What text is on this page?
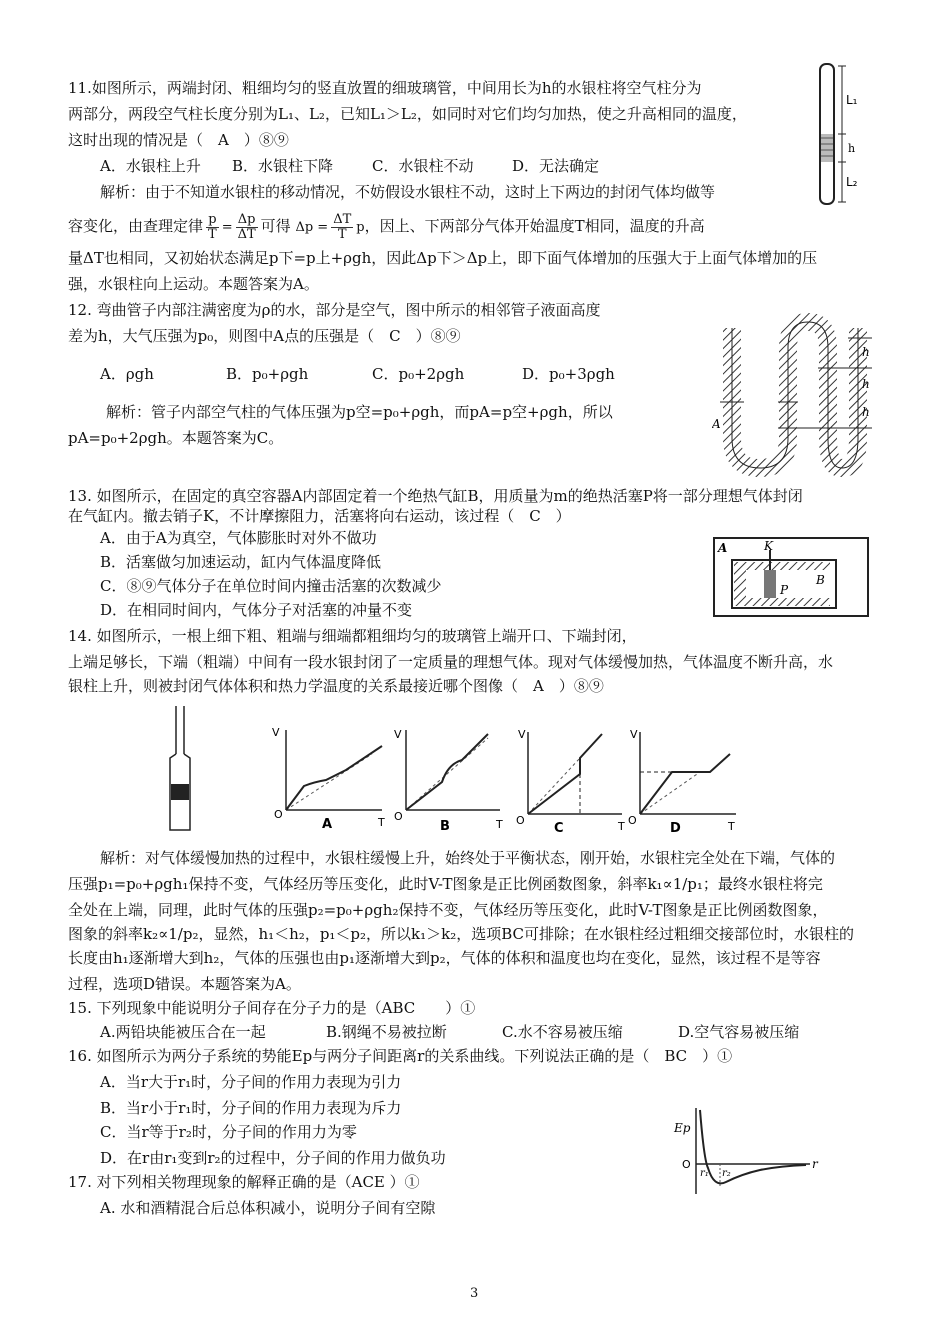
11.如图所示，两端封闭、粗细均匀的竖直放置的细玻璃管，中间用长为h的水银柱将空气柱分为
两部分，两段空气柱长度分别为L₁、L₂，已知L₁＞L₂，如同时对它们均匀加热，使之升高相同的温度，
这时出现的情况是（　A　）⑧⑨
A．水银柱上升 B．水银柱下降	C．水银柱不动	D．无法确定
解析：由于不知道水银柱的移动情况，不妨假设水银柱不动，这时上下两边的封闭气体均做等
容变化，由查理定律 $\frac{p}{T} = \frac{\Delta p}{\Delta T}$ 可得 $\Delta p = \frac{\Delta T}{T}$ p，因上、下两部分气体开始温度T相同，温度的升高
量ΔT也相同，又初始状态满足p下=p上+ρgh，因此Δp下＞Δp上，即下面气体增加的压强大于上面气体增加的压
强，水银柱向上运动。本题答案为A。
L₁
h
L₂
12. 弯曲管子内部注满密度为ρ的水，部分是空气，图中所示的相邻管子液面高度
差为h，大气压强为p₀，则图中A点的压强是（　C　）⑧⑨
A．ρgh	B．p₀+ρgh	C．p₀+2ρgh	D．p₀+3ρgh
解析：管子内部空气柱的气体压强为p空=p₀+ρgh，而pA=p空+ρgh，所以
pA=p₀+2ρgh。本题答案为C。
h
h
h
A
13. 如图所示，在固定的真空容器A内部固定着一个绝热气缸B，用质量为m的绝热活塞P将一部分理想气体封闭
在气缸内。撤去销子K，不计摩擦阻力，活塞将向右运动，该过程（　C　）
A．由于A为真空，气体膨胀时对外不做功
B．活塞做匀加速运动，缸内气体温度降低
C．⑧⑨气体分子在单位时间内撞击活塞的次数减少
D．在相同时间内，气体分子对活塞的冲量不变
A	K
B
P
14. 如图所示，一根上细下粗、粗端与细端都粗细均匀的玻璃管上端开口、下端封闭，
上端足够长，下端（粗端）中间有一段水银封闭了一定质量的理想气体。现对气体缓慢加热，气体温度不断升高，水
银柱上升，则被封闭气体体积和热力学温度的关系最接近哪个图像（　A　）⑧⑨
V
O
T
A
V
O
T
B
V
O	T
C
V
O	T
D
解析：对气体缓慢加热的过程中，水银柱缓慢上升，始终处于平衡状态，刚开始，水银柱完全处在下端，气体的
压强p₁=p₀+ρgh₁保持不变，气体经历等压变化，此时V-T图象是正比例函数图象，斜率k₁∝1/p₁；最终水银柱将完
全处在上端，同理，此时气体的压强p₂=p₀+ρgh₂保持不变，气体经历等压变化，此时V-T图象是正比例函数图象，
图象的斜率k₂∝1/p₂，显然，h₁＜h₂，p₁＜p₂，所以k₁＞k₂，选项BC可排除；在水银柱经过粗细交接部位时，水银柱的
长度由h₁逐渐增大到h₂，气体的压强也由p₁逐渐增大到p₂，气体的体积和温度也均在变化，显然，该过程不是等容
过程，选项D错误。本题答案为A。
15. 下列现象中能说明分子间存在分子力的是（ABC　　）①
A.两铅块能被压合在一起	B.钢绳不易被拉断	C.水不容易被压缩	D.空气容易被压缩
16. 如图所示为两分子系统的势能Ep与两分子间距离r的关系曲线。下列说法正确的是（　BC　）①
A．当r大于r₁时，分子间的作用力表现为引力
B．当r小于r₁时，分子间的作用力表现为斥力
C．当r等于r₂时，分子间的作用力为零
D．在r由r₁变到r₂的过程中，分子间的作用力做负功
Ep
O
r₁ r₂
r
17. 对下列相关物理现象的解释正确的是（ACE ）①
A. 水和酒精混合后总体积减小，说明分子间有空隙
3
